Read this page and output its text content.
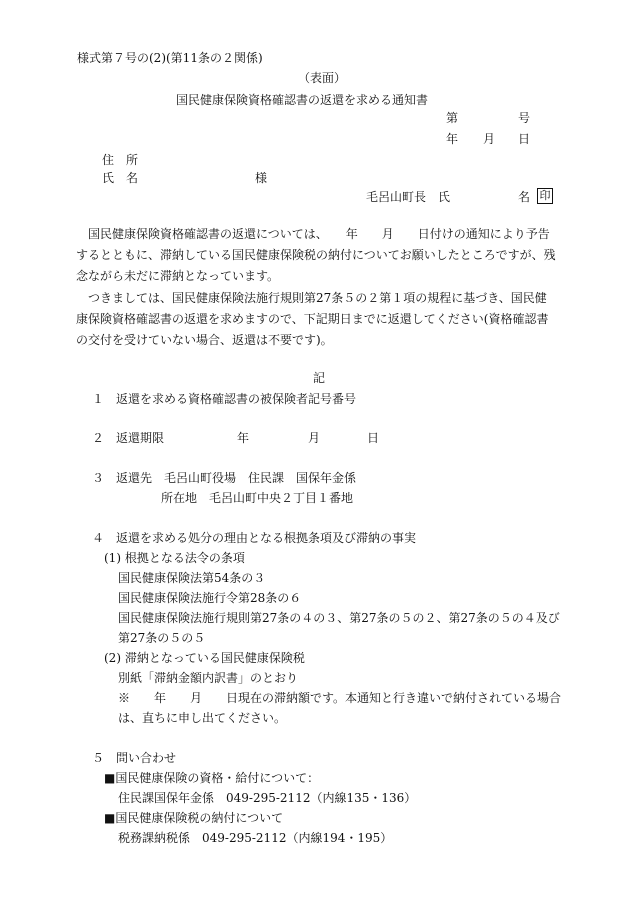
様式第７号の(2)(第11条の２関係)
（表面）
国民健康保険資格確認書の返還を求める通知書
第	号
年 月 日
住　所
氏　名	様
毛呂山町長　氏	名 印
国民健康保険資格確認書の返還については、　　年　　月　　日付けの通知により予告するとともに、滞納している国民健康保険税の納付についてお願いしたところですが、残念ながら未だに滞納となっています。
つきましては、国民健康保険法施行規則第27条５の２第１項の規程に基づき、国民健康保険資格確認書の返還を求めますので、下記期日までに返還してください(資格確認書の交付を受けていない場合、返還は不要です)。
記
１　返還を求める資格確認書の被保険者記号番号
２　返還期限	年	月	日
３　返還先　毛呂山町役場　住民課　国保年金係
所在地　毛呂山町中央２丁目１番地
４　返還を求める処分の理由となる根拠条項及び滞納の事実
(1) 根拠となる法令の条項
国民健康保険法第54条の３
国民健康保険法施行令第28条の６
国民健康保険法施行規則第27条の４の３、第27条の５の２、第27条の５の４及び
第27条の５の５
(2) 滞納となっている国民健康保険税
別紙「滞納金額内訳書」のとおり
※　　年　　月　　日現在の滞納額です。本通知と行き違いで納付されている場合
は、直ちに申し出てください。
５　問い合わせ
■国民健康保険の資格・給付について：
住民課国保年金係　049-295-2112（内線135・136）
■国民健康保険税の納付について
税務課納税係　049-295-2112（内線194・195）
